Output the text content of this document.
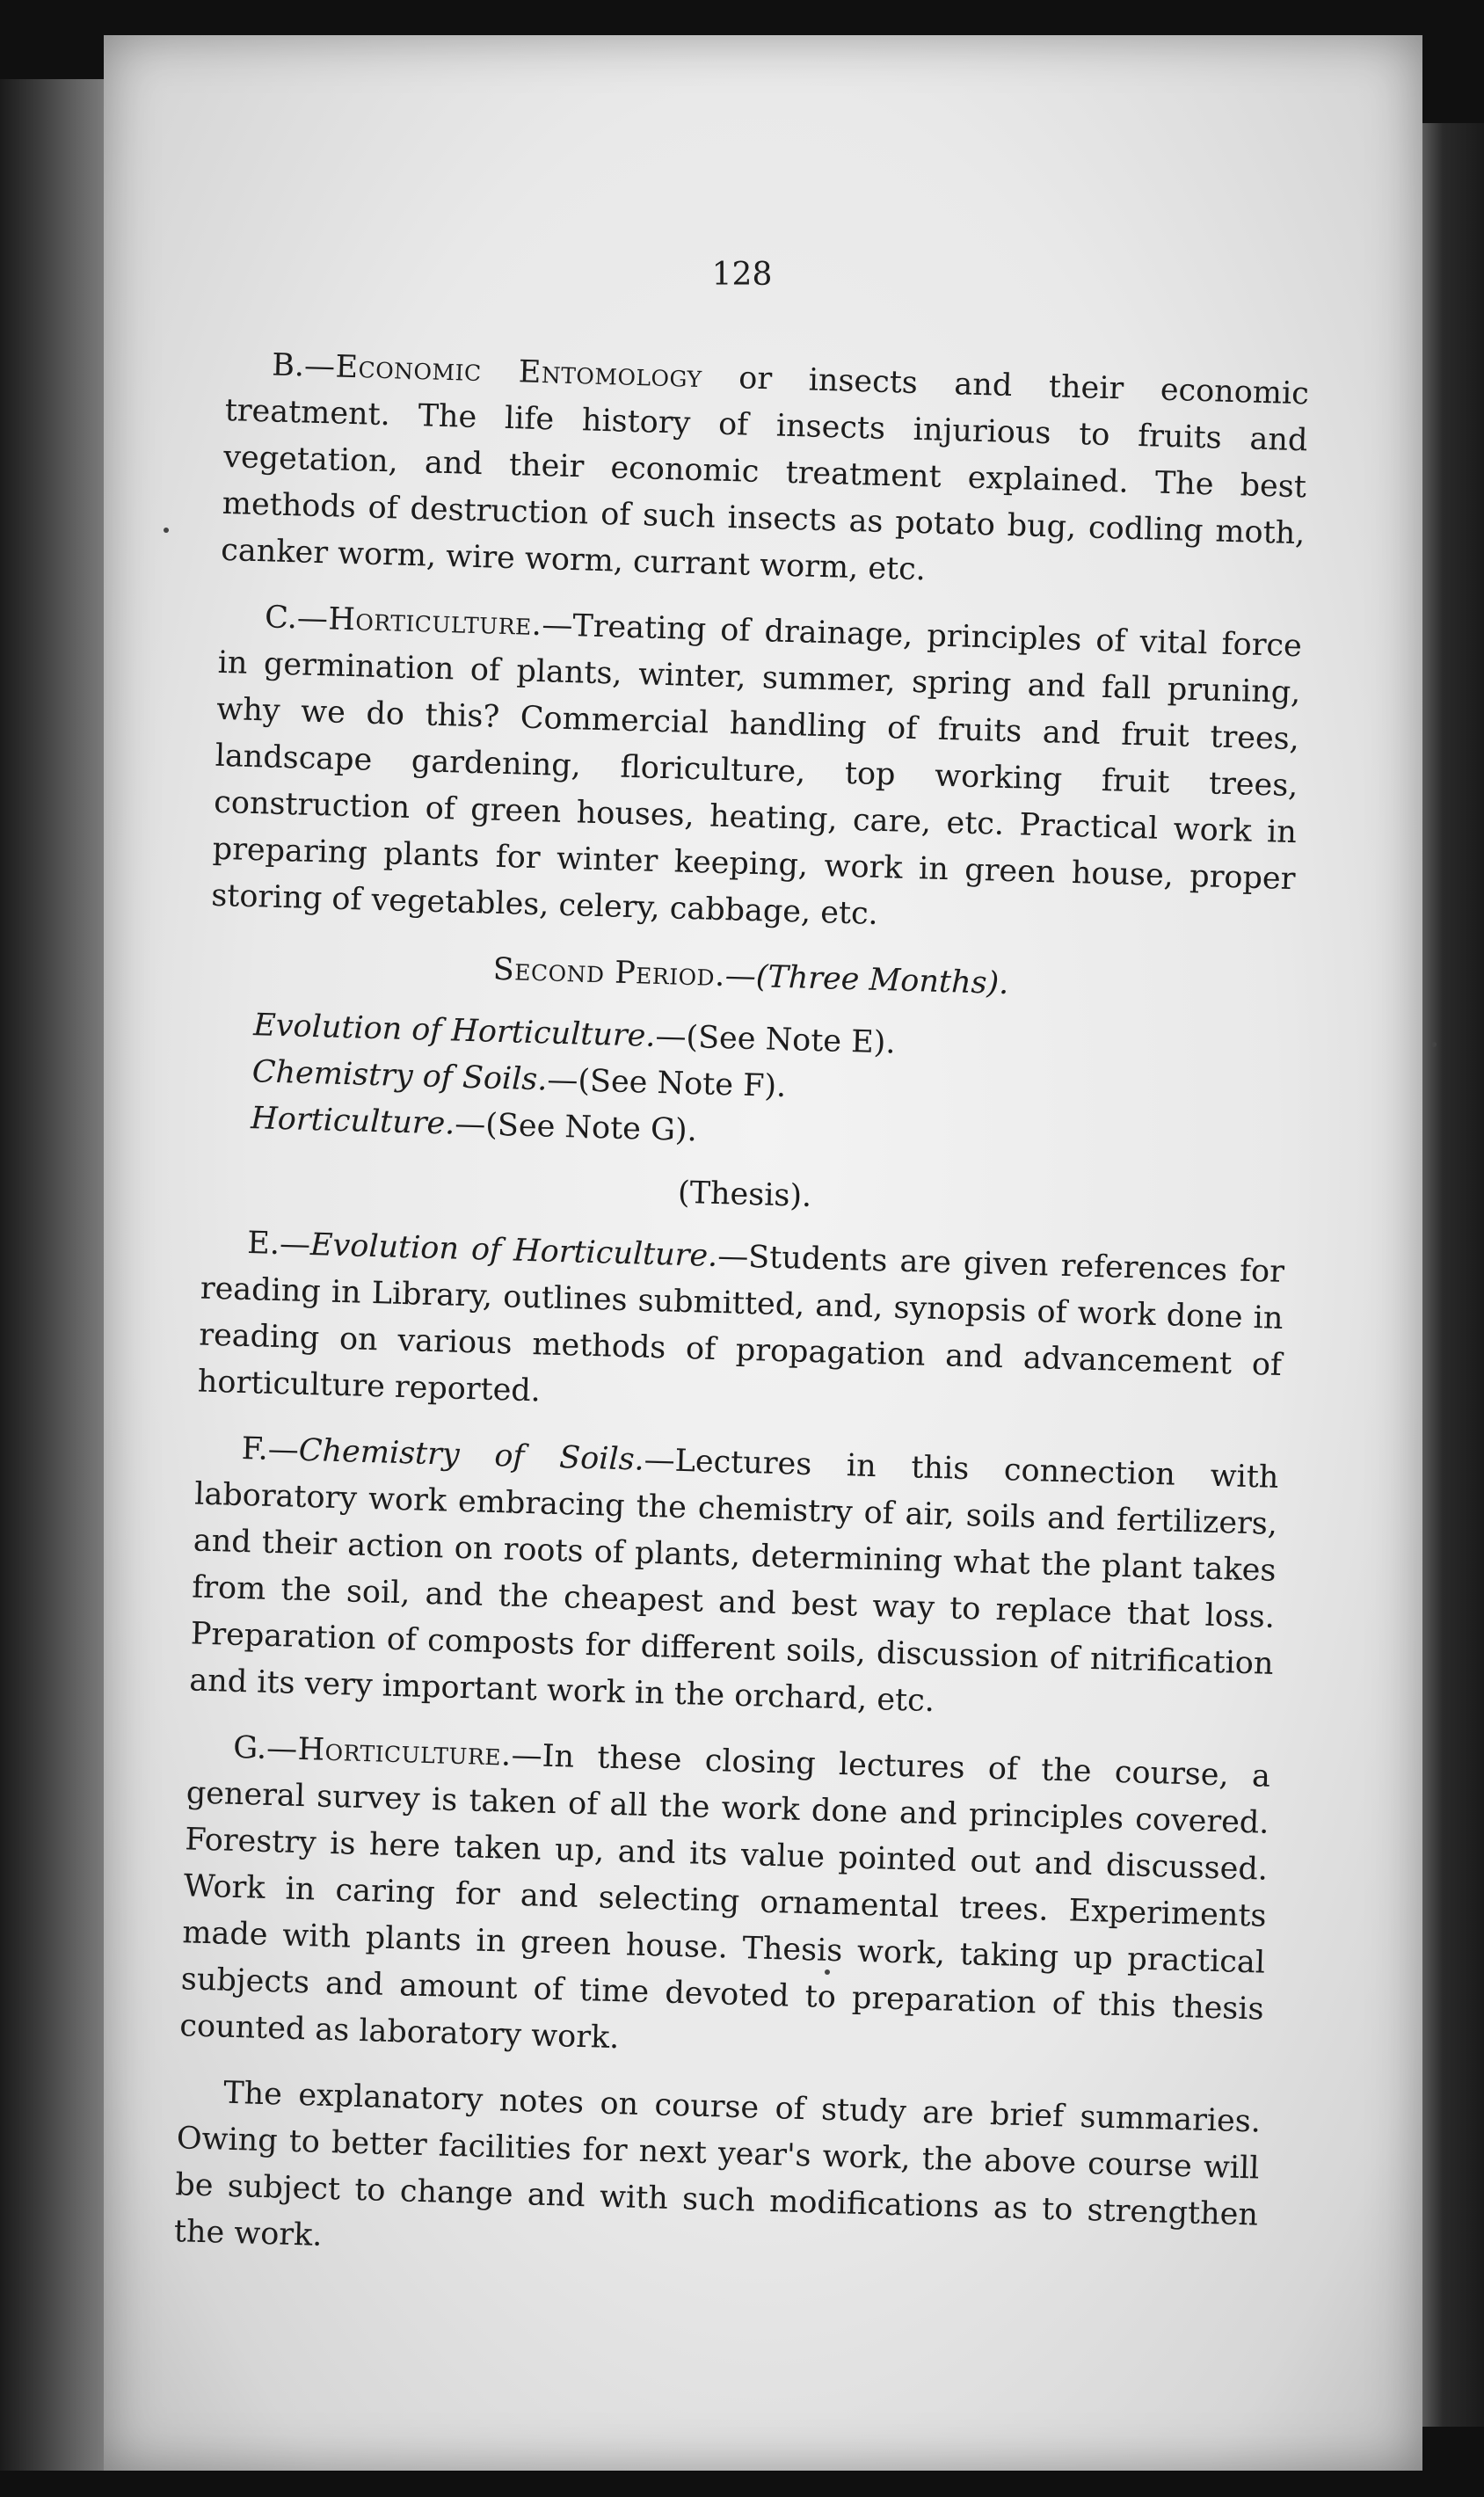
128

B.—Economic Entomology or insects and their economic treatment. The life history of insects injurious to fruits and vegetation, and their economic treatment explained. The best methods of destruction of such insects as potato bug, codling moth, canker worm, wire worm, currant worm, etc.

C.—Horticulture.—Treating of drainage, principles of vital force in germination of plants, winter, summer, spring and fall pruning, why we do this? Commercial handling of fruits and fruit trees, landscape gardening, floriculture, top working fruit trees, construction of green houses, heating, care, etc. Practical work in preparing plants for winter keeping, work in green house, proper storing of vegetables, celery, cabbage, etc.

Second Period.—(Three Months).

Evolution of Horticulture.—(See Note E).

Chemistry of Soils.—(See Note F).

Horticulture.—(See Note G).

(Thesis).

E.—Evolution of Horticulture.—Students are given references for reading in Library, outlines submitted, and, synopsis of work done in reading on various methods of propagation and advancement of horticulture reported.

F.—Chemistry of Soils.—Lectures in this connection with laboratory work embracing the chemistry of air, soils and fertilizers, and their action on roots of plants, determining what the plant takes from the soil, and the cheapest and best way to replace that loss. Preparation of composts for different soils, discussion of nitrification and its very important work in the orchard, etc.

G.—Horticulture.—In these closing lectures of the course, a general survey is taken of all the work done and principles covered. Forestry is here taken up, and its value pointed out and discussed. Work in caring for and selecting ornamental trees. Experiments made with plants in green house. Thesis work, taking up practical subjects and amount of time devoted to preparation of this thesis counted as laboratory work.

The explanatory notes on course of study are brief summaries. Owing to better facilities for next year's work, the above course will be subject to change and with such modifications as to strengthen the work.
